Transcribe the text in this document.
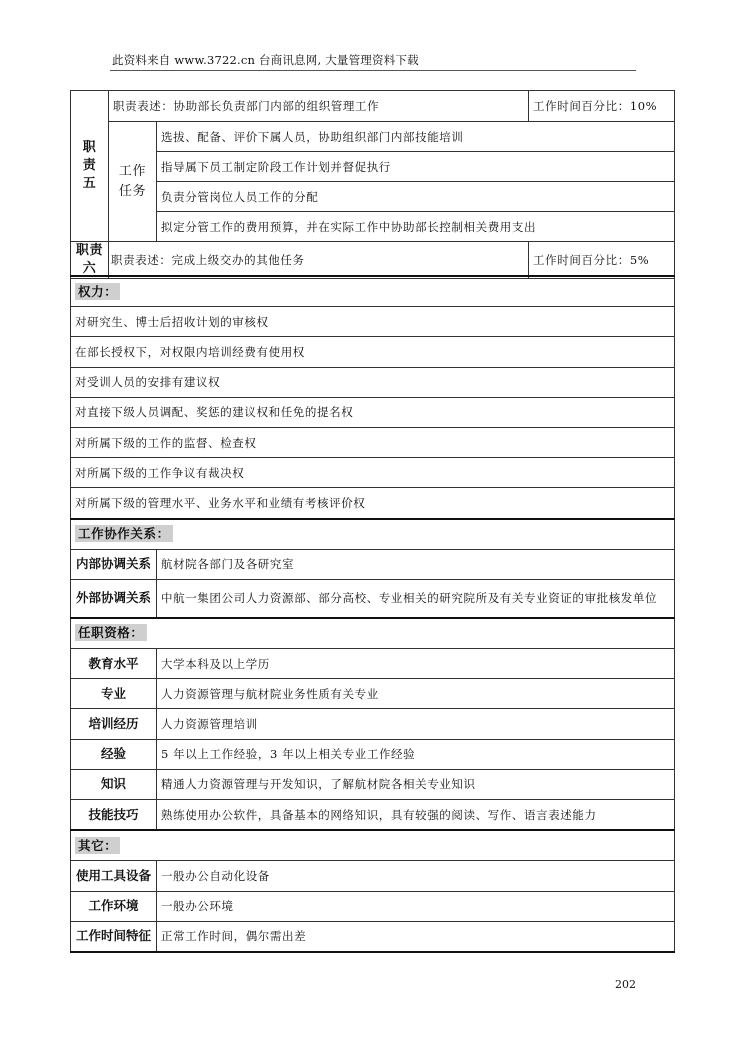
此资料来自 www.3722.cn 台商讯息网, 大量管理资料下载
职
责
五	职责表述：协助部长负责部门内部的组织管理工作		工作时间百分比：10%
	工作
任务	选拔、配备、评价下属人员，协助组织部门内部技能培训	
		指导属下员工制定阶段工作计划并督促执行	
		负责分管岗位人员工作的分配	
		拟定分管工作的费用预算，并在实际工作中协助部长控制相关费用支出	
职责
六	职责表述：完成上级交办的其他任务		工作时间百分比：5%
权力：	
对研究生、博士后招收计划的审核权	
在部长授权下，对权限内培训经费有使用权	
对受训人员的安排有建议权	
对直接下级人员调配、奖惩的建议权和任免的提名权	
对所属下级的工作的监督、检查权	
对所属下级的工作争议有裁决权	
对所属下级的管理水平、业务水平和业绩有考核评价权	
工作协作关系：	
内部协调关系	航材院各部门及各研究室
外部协调关系	中航一集团公司人力资源部、部分高校、专业相关的研究院所及有关专业资证的审批核发单位
任职资格：	
教育水平	大学本科及以上学历
专业	人力资源管理与航材院业务性质有关专业
培训经历	人力资源管理培训
经验	5 年以上工作经验，3 年以上相关专业工作经验
知识	精通人力资源管理与开发知识，了解航材院各相关专业知识
技能技巧	熟练使用办公软件，具备基本的网络知识，具有较强的阅读、写作、语言表述能力
其它：	
使用工具设备	一般办公自动化设备
工作环境	一般办公环境
工作时间特征	正常工作时间，偶尔需出差
202
